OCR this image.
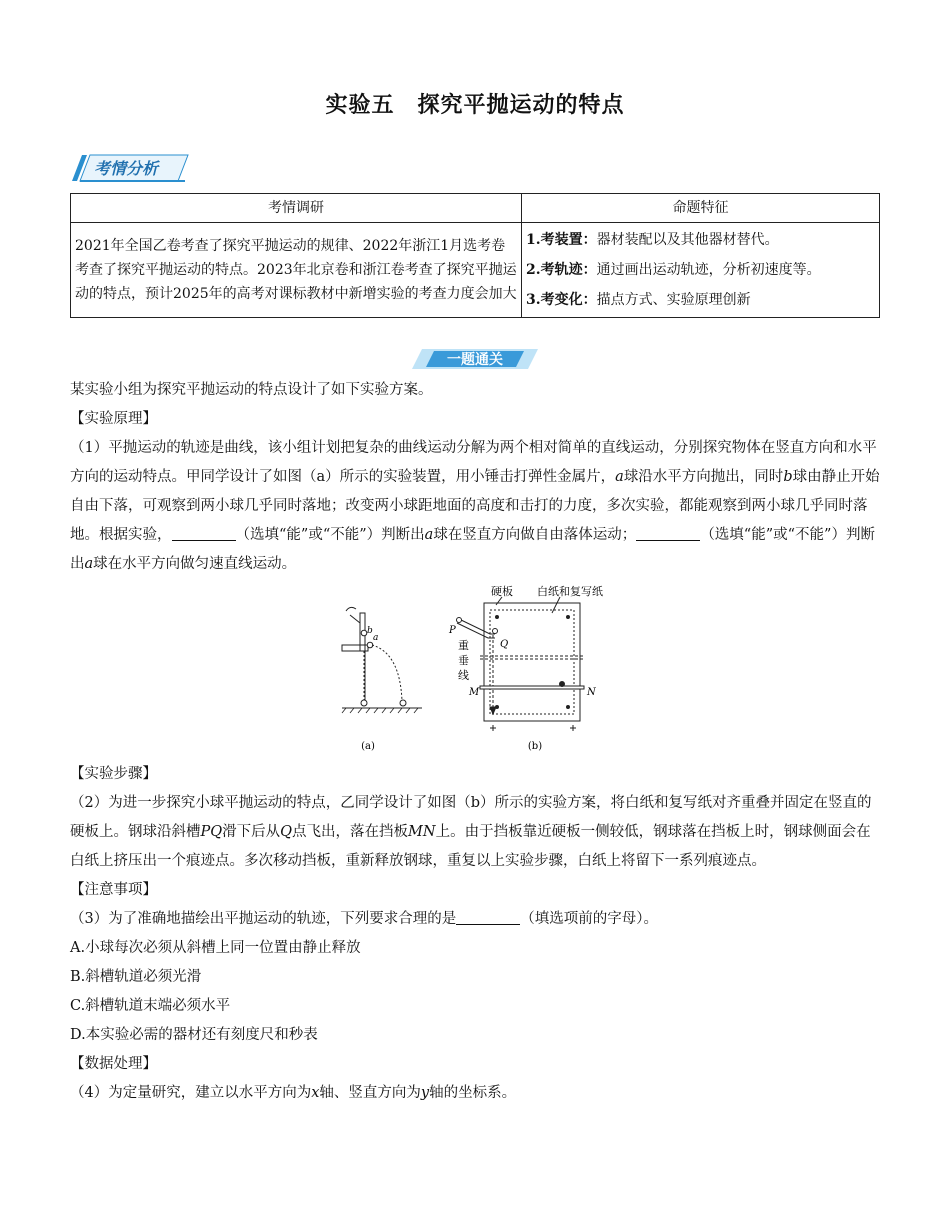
实验五　探究平抛运动的特点
考情分析
考情调研	命题特征
2021年全国乙卷考查了探究平抛运动的规律、2022年浙江1月选考卷考查了探究平抛运动的特点。2023年北京卷和浙江卷考查了探究平抛运动的特点，预计2025年的高考对课标教材中新增实验的考查力度会加大	1.考装置：器材装配以及其他器材替代。
2.考轨迹：通过画出运动轨迹，分析初速度等。
3.考变化：描点方式、实验原理创新
一题通关

某实验小组为探究平抛运动的特点设计了如下实验方案。

【实验原理】

（1）平抛运动的轨迹是曲线，该小组计划把复杂的曲线运动分解为两个相对简单的直线运动，分别探究物体在竖直方向和水平方向的运动特点。甲同学设计了如图（a）所示的实验装置，用小锤击打弹性金属片，a球沿水平方向抛出，同时b球由静止开始自由下落，可观察到两小球几乎同时落地；改变两小球距地面的高度和击打的力度，多次实验，都能观察到两小球几乎同时落地。根据实验，	（选填“能”或“不能”）判断出a球在竖直方向做自由落体运动；	（选填“能”或“不能”）判断出a球在水平方向做匀速直线运动。

b
a
(a)
硬板 白纸和复写纸
P
Q
重
垂
线
M	N
(b)

【实验步骤】

（2）为进一步探究小球平抛运动的特点，乙同学设计了如图（b）所示的实验方案，将白纸和复写纸对齐重叠并固定在竖直的硬板上。钢球沿斜槽PQ滑下后从Q点飞出，落在挡板MN上。由于挡板靠近硬板一侧较低，钢球落在挡板上时，钢球侧面会在白纸上挤压出一个痕迹点。多次移动挡板，重新释放钢球，重复以上实验步骤，白纸上将留下一系列痕迹点。

【注意事项】

（3）为了准确地描绘出平抛运动的轨迹，下列要求合理的是	（填选项前的字母）。

A.小球每次必须从斜槽上同一位置由静止释放

B.斜槽轨道必须光滑

C.斜槽轨道末端必须水平

D.本实验必需的器材还有刻度尺和秒表

【数据处理】

（4）为定量研究，建立以水平方向为x轴、竖直方向为y轴的坐标系。
